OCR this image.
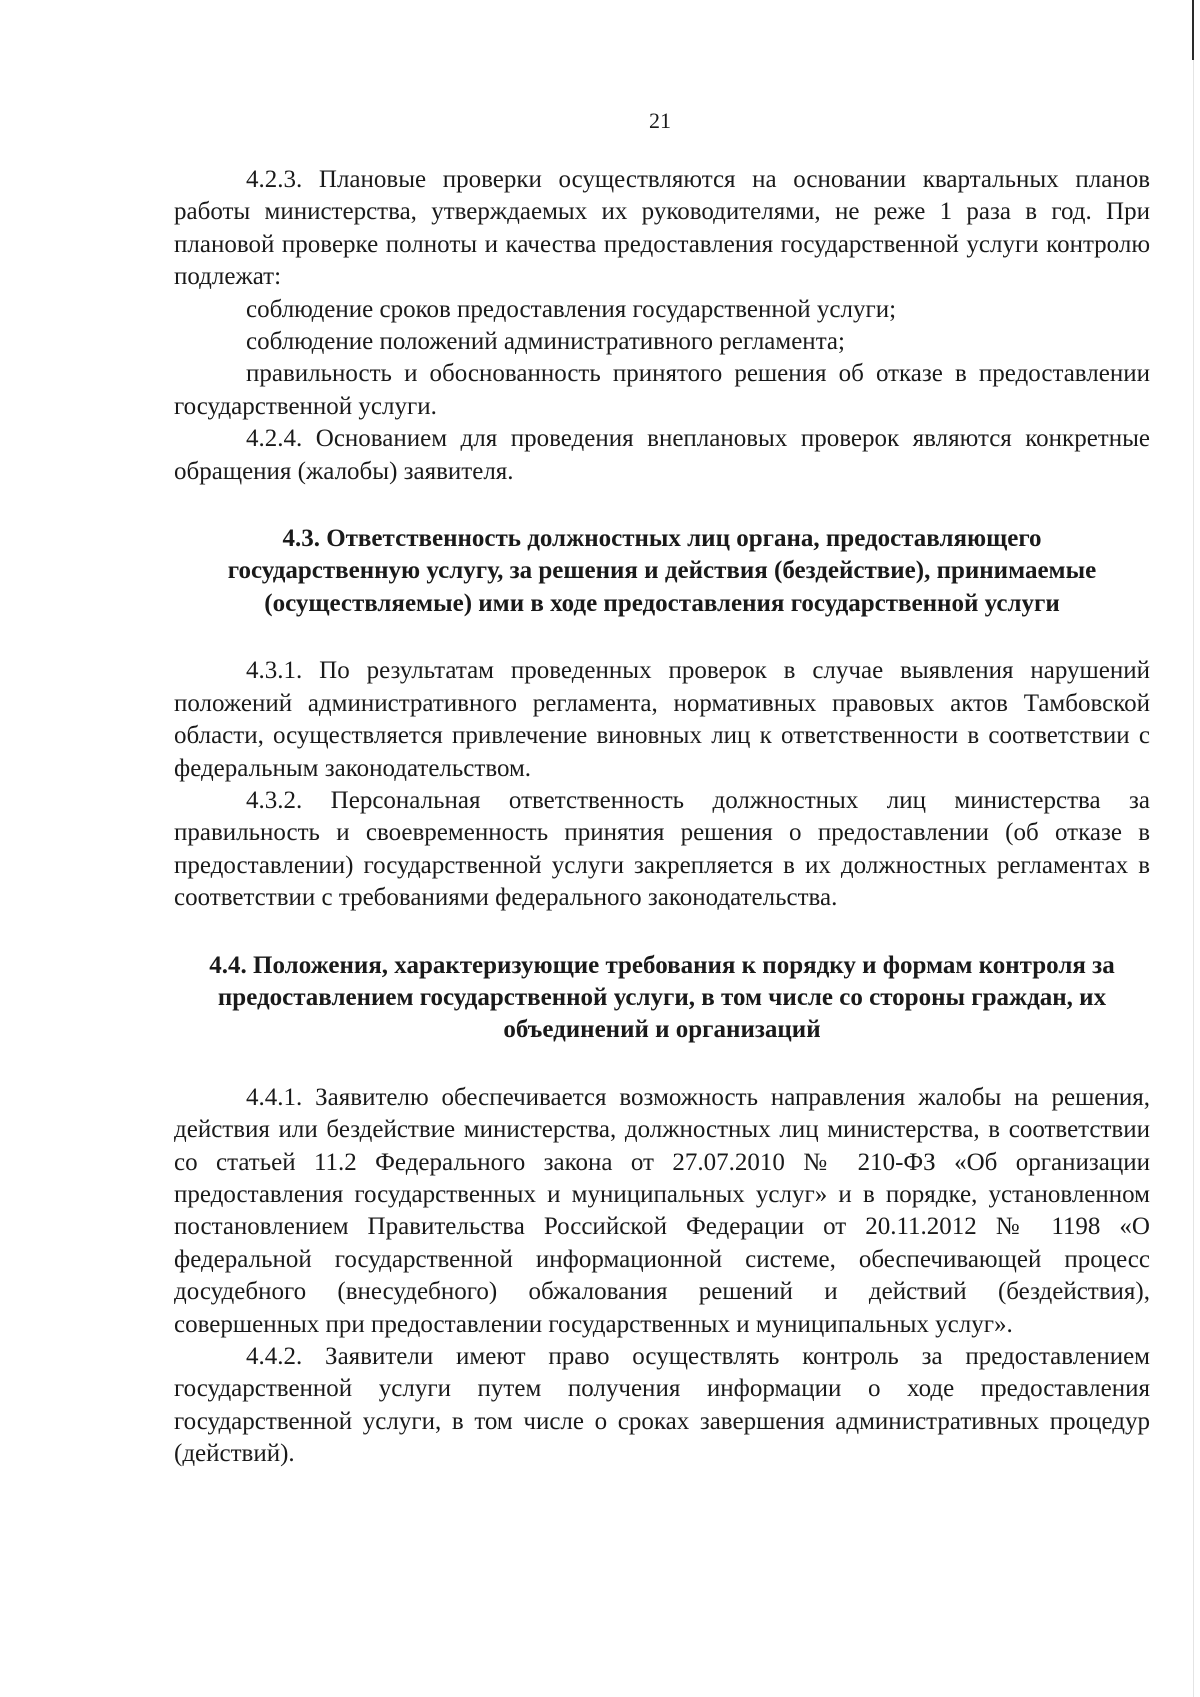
21

4.2.3. Плановые проверки осуществляются на основании квартальных планов работы министерства, утверждаемых их руководителями, не реже 1 раза в год. При плановой проверке полноты и качества предоставления государственной услуги контролю подлежат:

соблюдение сроков предоставления государственной услуги;

соблюдение положений административного регламента;

правильность и обоснованность принятого решения об отказе в предоставлении государственной услуги.

4.2.4. Основанием для проведения внеплановых проверок являются конкретные обращения (жалобы) заявителя.

4.3. Ответственность должностных лиц органа, предоставляющего государственную услугу, за решения и действия (бездействие), принимаемые (осуществляемые) ими в ходе предоставления государственной услуги

4.3.1. По результатам проведенных проверок в случае выявления нарушений положений административного регламента, нормативных правовых актов Тамбовской области, осуществляется привлечение виновных лиц к ответственности в соответствии с федеральным законодательством.

4.3.2. Персональная ответственность должностных лиц министерства за правильность и своевременность принятия решения о предоставлении (об отказе в предоставлении) государственной услуги закрепляется в их должностных регламентах в соответствии с требованиями федерального законодательства.

4.4. Положения, характеризующие требования к порядку и формам контроля за предоставлением государственной услуги, в том числе со стороны граждан, их объединений и организаций

4.4.1. Заявителю обеспечивается возможность направления жалобы на решения, действия или бездействие министерства, должностных лиц министерства, в соответствии со статьей 11.2 Федерального закона от 27.07.2010 № 210-ФЗ «Об организации предоставления государственных и муниципальных услуг» и в порядке, установленном постановлением Правительства Российской Федерации от 20.11.2012 № 1198 «О федеральной государственной информационной системе, обеспечивающей процесс досудебного (внесудебного) обжалования решений и действий (бездействия), совершенных при предоставлении государственных и муниципальных услуг».

4.4.2. Заявители имеют право осуществлять контроль за предоставлением государственной услуги путем получения информации о ходе предоставления государственной услуги, в том числе о сроках завершения административных процедур (действий).
